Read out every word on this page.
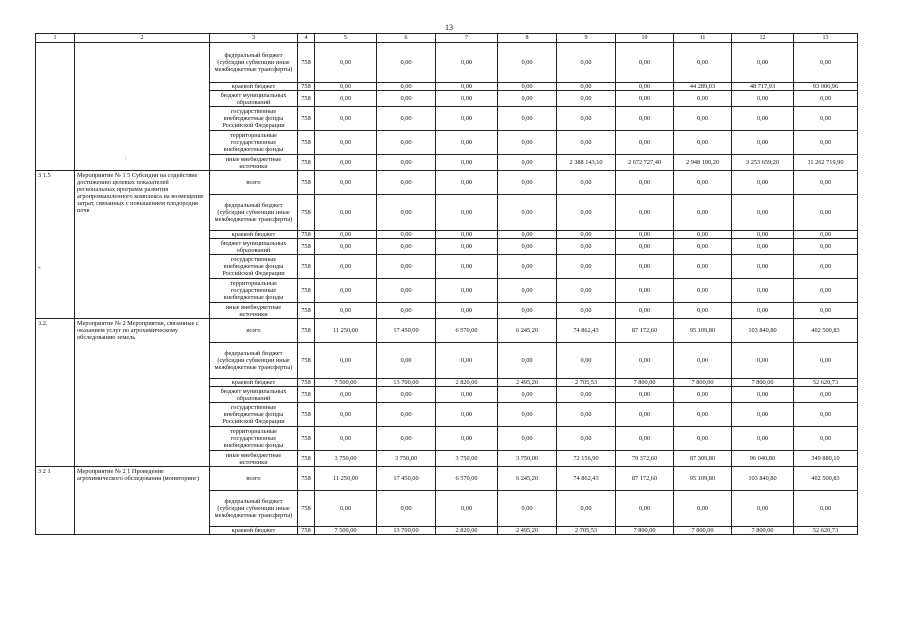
13
1	2	3	4	5	6	7	8	9	10	11	12	13
		федеральный бюджет (субсидии субвенции иные межбюджетные трансферты)	758	0,00	0,00	0,00	0,00	0,00	0,00	0,00	0,00	0,00
		краевой бюджет	758	0,00	0,00	0,00	0,00	0,00	0,00	44 289,03	48 717,93	93 006,96
		бюджет муниципальных образований	758	0,00	0,00	0,00	0,00	0,00	0,00	0,00	0,00	0,00
		государственные внебюджетные фонды Российской Федерации	758	0,00	0,00	0,00	0,00	0,00	0,00	0,00	0,00	0,00
		территориальные государственные внебюджетные фонды	758	0,00	0,00	0,00	0,00	0,00	0,00	0,00	0,00	0,00
		иные внебюджетные источники	758	0,00	0,00	0,00	0,00	2 388 143,10	2 672 727,40	2 948 190,20	3 253 659,20	11 262 719,90
3 1.5	Мероприятие № 1 5 Субсидии на содействие достижению целевых показателей региональных программ развития агропромышленного комплекса на возмещение затрат, связанных с повышением плодородия почв	всего	758	0,00	0,00	0,00	0,00	0,00	0,00	0,00	0,00	0,00
		федеральный бюджет (субсидии субвенции иные межбюджетные трансферты)	758	0,00	0,00	0,00	0,00	0,00	0,00	0,00	0,00	0,00
		краевой бюджет	758	0,00	0,00	0,00	0,00	0,00	0,00	0,00	0,00	0,00
		бюджет муниципальных образований	758	0,00	0,00	0,00	0,00	0,00	0,00	0,00	0,00	0,00
		государственные внебюджетные фонды Российской Федерации	758	0,00	0,00	0,00	0,00	0,00	0,00	0,00	0,00	0,00
		территориальные государственные внебюджетные фонды	758	0,00	0,00	0,00	0,00	0,00	0,00	0,00	0,00	0,00
		иные внебюджетные источники	758	0,00	0,00	0,00	0,00	0,00	0,00	0,00	0,00	0,00
3.2.	Мероприятие № 2 Мероприятия, связанные с оказанием услуг по агрохимическому обследованию земель	всего	758	11 250,00	17 450,00	6 570,00	6 245,20	74 862,43	87 172,60	95 109,80	103 840,80	402 500,83
		федеральный бюджет (субсидии субвенции иные межбюджетные трансферты)	758	0,00	0,00	0,00	0,00	0,00	0,00	0,00	0,00	0,00
		краевой бюджет	758	7 500,00	13 700,00	2 820,00	2 495,20	2 705,53	7 800,00	7 800,00	7 800,00	52 620,73
		бюджет муниципальных образований	758	0,00	0,00	0,00	0,00	0,00	0,00	0,00	0,00	0,00
		государственные внебюджетные фонды Российской Федерации	758	0,00	0,00	0,00	0,00	0,00	0,00	0,00	0,00	0,00
		территориальные государственные внебюджетные фонды	758	0,00	0,00	0,00	0,00	0,00	0,00	0,00	0,00	0,00
		иные внебюджетные источники	758	3 750,00	3 750,00	3 750,00	3 750,00	72 156,90	79 372,60	87 309,80	96 040,80	349 880,10
3 2 1	Мероприятие № 2 1 Проведение агрохимического обследования (мониторинг)	всего	758	11 250,00	17 450,00	6 570,00	6 245,20	74 862,43	87 172,60	95 109,80	103 840,80	402 500,83
		федеральный бюджет (субсидии субвенции иные межбюджетные трансферты)	758	0,00	0,00	0,00	0,00	0,00	0,00	0,00	0,00	0,00
		краевой бюджет	758	7 500,00	13 700,00	2 820,00	2 495,20	2 705,53	7 800,00	7 800,00	7 800,00	52 620,73
-
.
